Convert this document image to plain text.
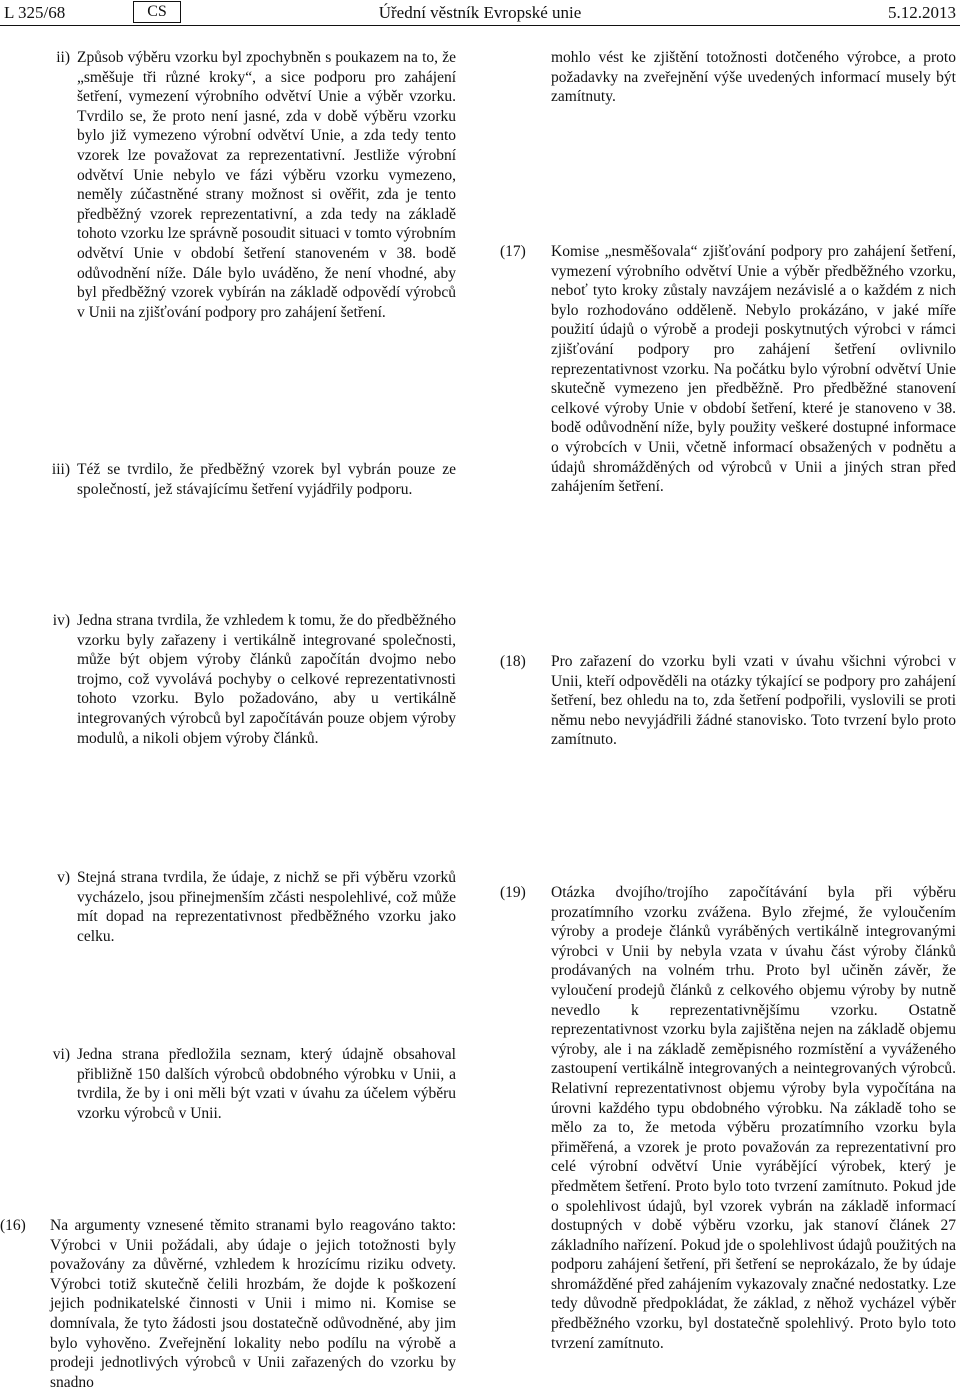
L 325/68	CS	Úřední věstník Evropské unie	5.12.2013
ii) Způsob výběru vzorku byl zpochybněn s poukazem na to, že „směšuje tři různé kroky“, a sice podporu pro zahájení šetření, vymezení výrobního odvětví Unie a výběr vzorku. Tvrdilo se, že proto není jasné, zda v době výběru vzorku bylo již vymezeno výrobní odvětví Unie, a zda tedy tento vzorek lze považovat za reprezentativní. Jestliže výrobní odvětví Unie nebylo ve fázi výběru vzorku vymezeno, neměly zúčastněné strany možnost si ověřit, zda je tento předběžný vzorek reprezentativní, a zda tedy na základě tohoto vzorku lze správně posoudit situaci v tomto výrobním odvětví Unie v období šetření stanoveném v 38. bodě odůvodnění níže. Dále bylo uváděno, že není vhodné, aby byl předběžný vzorek vybírán na základě odpovědí výrobců v Unii na zjišťování podpory pro zahájení šetření.
iii) Též se tvrdilo, že předběžný vzorek byl vybrán pouze ze společností, jež stávajícímu šetření vyjádřily podporu.
iv) Jedna strana tvrdila, že vzhledem k tomu, že do předběžného vzorku byly zařazeny i vertikálně integrované společnosti, může být objem výroby článků započítán dvojmo nebo trojmo, což vyvolává pochyby o celkové reprezentativnosti tohoto vzorku. Bylo požadováno, aby u vertikálně integrovaných výrobců byl započítáván pouze objem výroby modulů, a nikoli objem výroby článků.
v) Stejná strana tvrdila, že údaje, z nichž se při výběru vzorků vycházelo, jsou přinejmenším zčásti nespolehlivé, což může mít dopad na reprezentativnost předběžného vzorku jako celku.
vi) Jedna strana předložila seznam, který údajně obsahoval přibližně 150 dalších výrobců obdobného výrobku v Unii, a tvrdila, že by i oni měli být vzati v úvahu za účelem výběru vzorku výrobců v Unii.
(16)	Na argumenty vznesené těmito stranami bylo reagováno takto: Výrobci v Unii požádali, aby údaje o jejich totožnosti byly považovány za důvěrné, vzhledem k hrozícímu riziku odvety. Výrobci totiž skutečně čelili hrozbám, že dojde k poškození jejich podnikatelské činnosti v Unii i mimo ni. Komise se domnívala, že tyto žádosti jsou dostatečně odůvodněné, aby jim bylo vyhověno. Zveřejnění lokality nebo podílu na výrobě a prodeji jednotlivých výrobců v Unii zařazených do vzorku by snadno
mohlo vést ke zjištění totožnosti dotčeného výrobce, a proto požadavky na zveřejnění výše uvedených informací musely být zamítnuty.
(17)	Komise „nesměšovala“ zjišťování podpory pro zahájení šetření, vymezení výrobního odvětví Unie a výběr předběžného vzorku, neboť tyto kroky zůstaly navzájem nezávislé a o každém z nich bylo rozhodováno odděleně. Nebylo prokázáno, v jaké míře použití údajů o výrobě a prodeji poskytnutých výrobci v rámci zjišťování podpory pro zahájení šetření ovlivnilo reprezentativnost vzorku. Na počátku bylo výrobní odvětví Unie skutečně vymezeno jen předběžně. Pro předběžné stanovení celkové výroby Unie v období šetření, které je stanoveno v 38. bodě odůvodnění níže, byly použity veškeré dostupné informace o výrobcích v Unii, včetně informací obsažených v podnětu a údajů shromážděných od výrobců v Unii a jiných stran před zahájením šetření.
(18)	Pro zařazení do vzorku byli vzati v úvahu všichni výrobci v Unii, kteří odpověděli na otázky týkající se podpory pro zahájení šetření, bez ohledu na to, zda šetření podpořili, vyslovili se proti němu nebo nevyjádřili žádné stanovisko. Toto tvrzení bylo proto zamítnuto.
(19)	Otázka dvojího/trojího započítávání byla při výběru prozatímního vzorku zvážena. Bylo zřejmé, že vyloučením výroby a prodeje článků vyráběných vertikálně integrovanými výrobci v Unii by nebyla vzata v úvahu část výroby článků prodávaných na volném trhu. Proto byl učiněn závěr, že vyloučení prodejů článků z celkového objemu výroby by nutně nevedlo k reprezentativnějšímu vzorku. Ostatně reprezentativnost vzorku byla zajištěna nejen na základě objemu výroby, ale i na základě zeměpisného rozmístění a vyváženého zastoupení vertikálně integrovaných a neintegrovaných výrobců. Relativní reprezentativnost objemu výroby byla vypočítána na úrovni každého typu obdobného výrobku. Na základě toho se mělo za to, že metoda výběru prozatímního vzorku byla přiměřená, a vzorek je proto považován za reprezentativní pro celé výrobní odvětví Unie vyrábějící výrobek, který je předmětem šetření. Proto bylo toto tvrzení zamítnuto. Pokud jde o spolehlivost údajů, byl vzorek vybrán na základě informací dostupných v době výběru vzorku, jak stanoví článek 27 základního nařízení. Pokud jde o spolehlivost údajů použitých na podporu zahájení šetření, při šetření se neprokázalo, že by údaje shromážděné před zahájením vykazovaly značné nedostatky. Lze tedy důvodně předpokládat, že základ, z něhož vycházel výběr předběžného vzorku, byl dostatečně spolehlivý. Proto bylo toto tvrzení zamítnuto.
